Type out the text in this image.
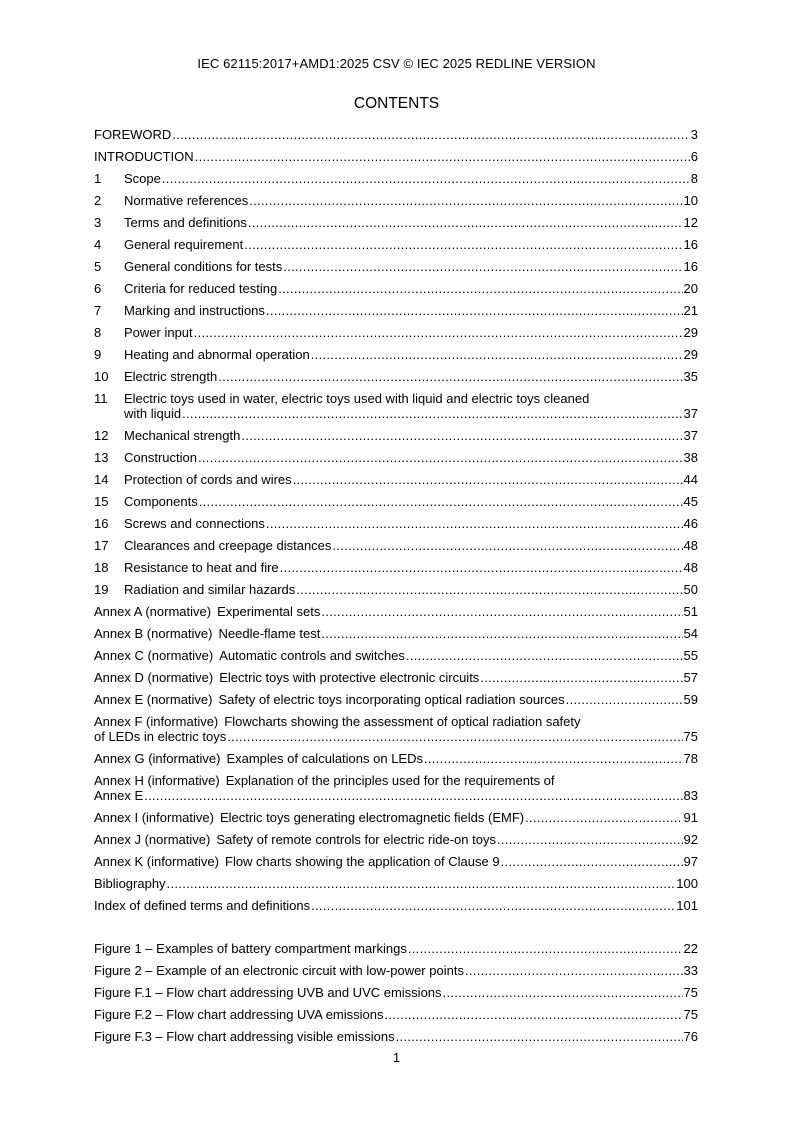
IEC 62115:2017+AMD1:2025 CSV © IEC 2025 REDLINE VERSION
CONTENTS
FOREWORD .....	3
INTRODUCTION .....	6
1	Scope .....	8
2	Normative references .....	10
3	Terms and definitions .....	12
4	General requirement .....	16
5	General conditions for tests .....	16
6	Criteria for reduced testing .....	20
7	Marking and instructions .....	21
8	Power input .....	29
9	Heating and abnormal operation .....	29
10	Electric strength .....	35
11	Electric toys used in water, electric toys used with liquid and electric toys cleaned
with liquid .....	37
12	Mechanical strength .....	37
13	Construction .....	38
14	Protection of cords and wires .....	44
15	Components .....	45
16	Screws and connections .....	46
17	Clearances and creepage distances .....	48
18	Resistance to heat and fire .....	48
19	Radiation and similar hazards .....	50
Annex A (normative) Experimental sets .....	51
Annex B (normative) Needle-flame test .....	54
Annex C (normative) Automatic controls and switches .....	55
Annex D (normative) Electric toys with protective electronic circuits .....	57
Annex E (normative) Safety of electric toys incorporating optical radiation sources .....	59
Annex F (informative) Flowcharts showing the assessment of optical radiation safety
of LEDs in electric toys .....	75
Annex G (informative) Examples of calculations on LEDs .....	78
Annex H (informative) Explanation of the principles used for the requirements of
Annex E .....	83
Annex I (informative) Electric toys generating electromagnetic fields (EMF) .....	91
Annex J (normative) Safety of remote controls for electric ride-on toys .....	92
Annex K (informative) Flow charts showing the application of Clause 9 .....	97
Bibliography .....	100
Index of defined terms and definitions .....	101
Figure 1 – Examples of battery compartment markings .....	22
Figure 2 – Example of an electronic circuit with low-power points .....	33
Figure F.1 – Flow chart addressing UVB and UVC emissions .....	75
Figure F.2 – Flow chart addressing UVA emissions .....	75
Figure F.3 – Flow chart addressing visible emissions .....	76
1
